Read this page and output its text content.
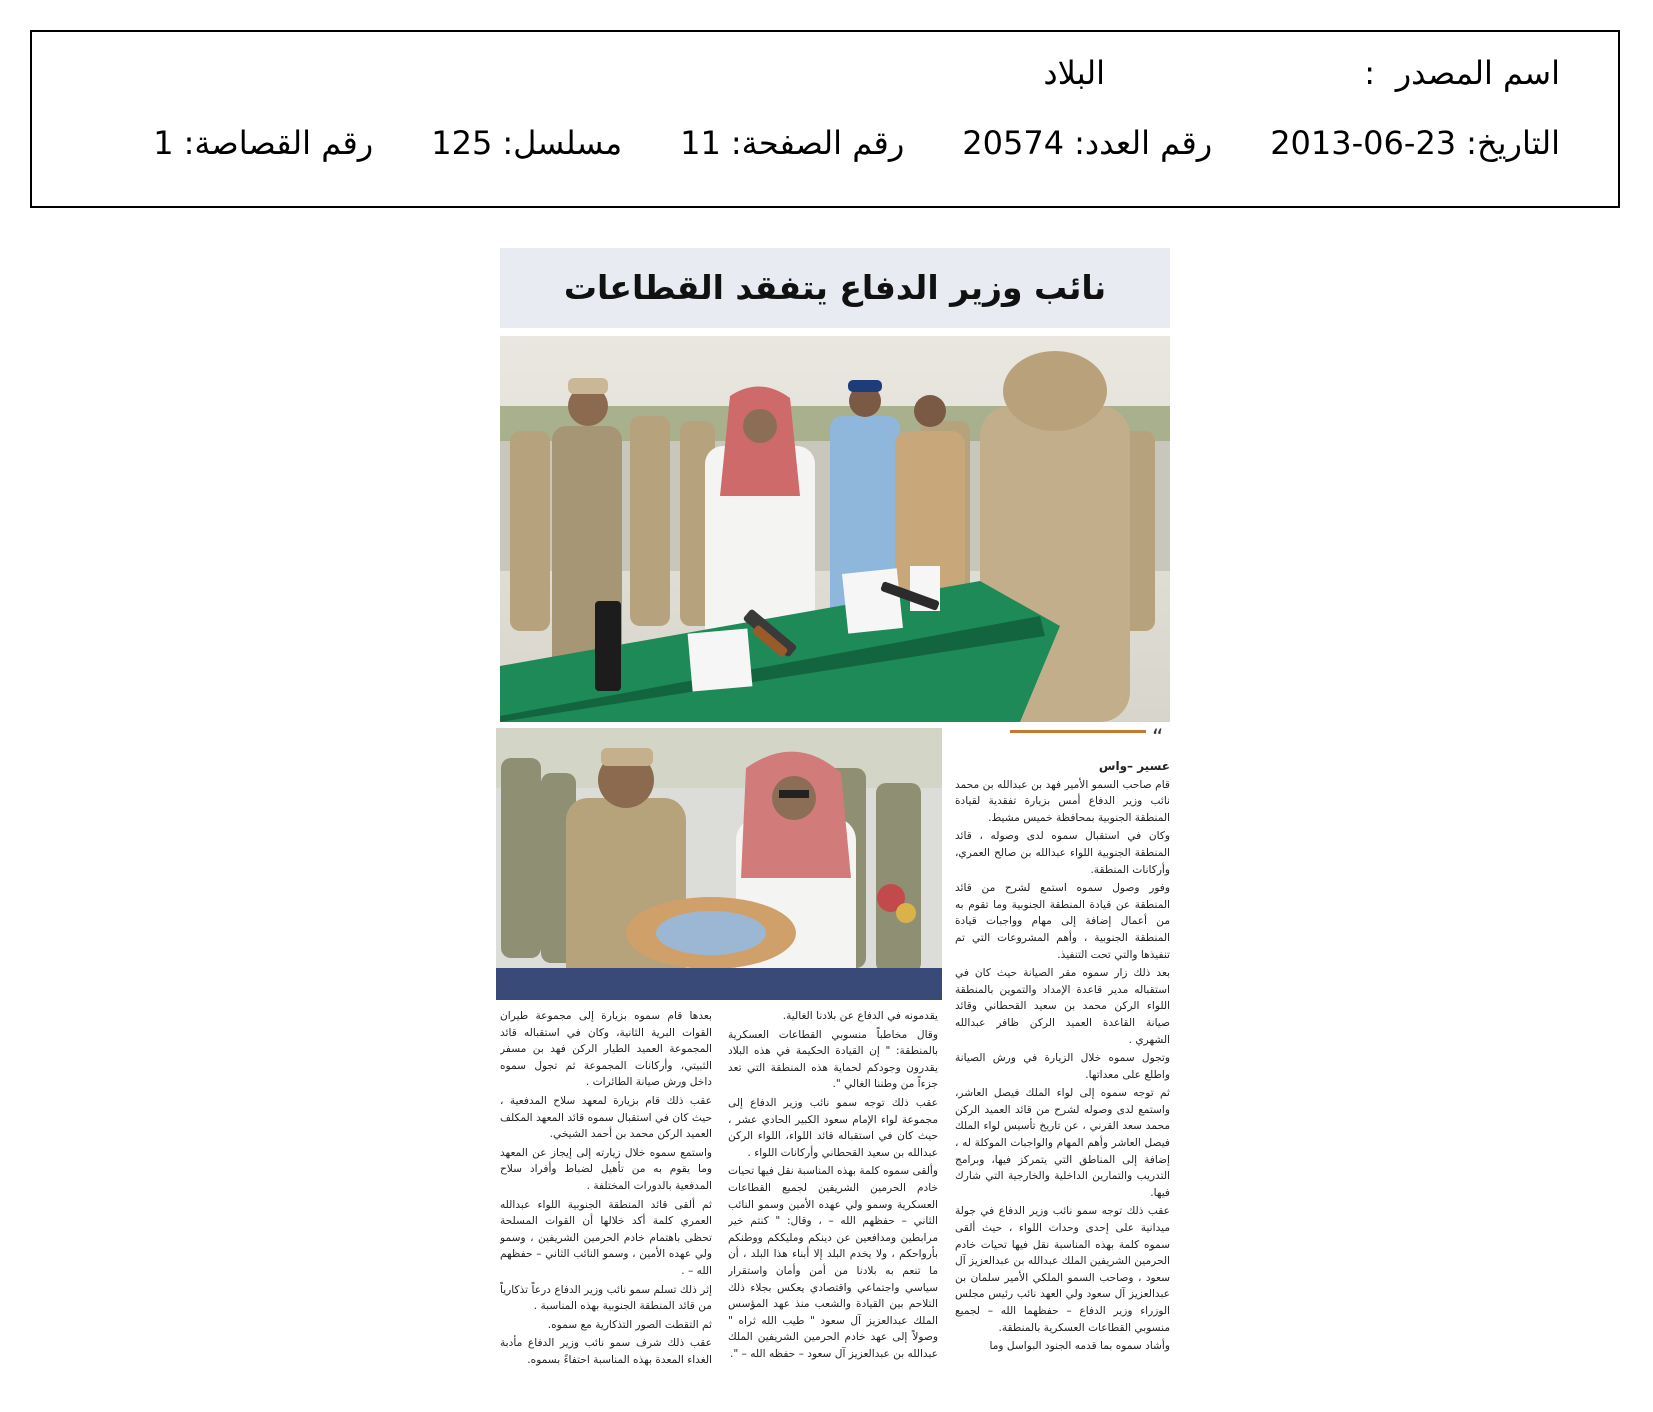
اسم المصدر
:
البلاد
التاريخ:
2013-06-23
رقم العدد:
20574
رقم الصفحة:
11
مسلسل:
125
رقم القصاصة:
1
نائب وزير الدفاع يتفقد القطاعات
“

عسير –واس

قام صاحب السمو الأمير فهد بن عبدالله بن محمد نائب وزير الدفاع أمس بزيارة تفقدية لقيادة المنطقة الجنوبية بمحافظة خميس مشيط.

وكان في استقبال سموه لدى وصوله ، قائد المنطقة الجنوبية اللواء عبدالله بن صالح العمري، وأركانات المنطقة.

وفور وصول سموه استمع لشرح من قائد المنطقة عن قيادة المنطقة الجنوبية وما تقوم به من أعمال إضافة إلى مهام وواجبات قيادة المنطقة الجنوبية ، وأهم المشروعات التي تم تنفيذها والتي تحت التنفيذ.

بعد ذلك زار سموه مقر الصيانة حيث كان في استقباله مدير قاعدة الإمداد والتموين بالمنطقة اللواء الركن محمد بن سعيد القحطاني وقائد صيانة القاعدة العميد الركن ظافر عبدالله الشهري .

وتجول سموه خلال الزيارة في ورش الصيانة واطلع على معداتها.

ثم توجه سموه إلى لواء الملك فيصل العاشر، واستمع لدى وصوله لشرح من قائد العميد الركن محمد سعد القرني ، عن تاريخ تأسيس لواء الملك فيصل العاشر وأهم المهام والواجبات الموكلة له ، إضافة إلى المناطق التي يتمركز فيها، وبرامج التدريب والتمارين الداخلية والخارجية التي شارك فيها.

عقب ذلك توجه سمو نائب وزير الدفاع في جولة ميدانية على إحدى وحدات اللواء ، حيث ألقى سموه كلمة بهذه المناسبة نقل فيها تحيات خادم الحرمين الشريفين الملك عبدالله بن عبدالعزيز آل سعود ، وصاحب السمو الملكي الأمير سلمان بن عبدالعزيز آل سعود ولي العهد نائب رئيس مجلس الوزراء وزير الدفاع – حفظهما الله – لجميع منسوبي القطاعات العسكرية بالمنطقة.

وأشاد سموه بما قدمه الجنود البواسل وما

يقدمونه في الدفاع عن بلادنا الغالية.

وقال مخاطباً منسوبي القطاعات العسكرية بالمنطقة: " إن القيادة الحكيمة في هذه البلاد يقدرون وجودكم لحماية هذه المنطقة التي تعد جزءاً من وطننا الغالي ".

عقب ذلك توجه سمو نائب وزير الدفاع إلى مجموعة لواء الإمام سعود الكبير الحادي عشر ، حيث كان في استقباله قائد اللواء، اللواء الركن عبدالله بن سعيد القحطاني وأركانات اللواء .

وألقى سموه كلمة بهذه المناسبة نقل فيها تحيات خادم الحرمين الشريفين لجميع القطاعات العسكرية وسمو ولي عهده الأمين وسمو النائب الثاني – حفظهم الله – ، وقال: " كنتم خير مرابطين ومدافعين عن دينكم ومليككم ووطنكم بأرواحكم ، ولا يخدم البلد إلا أبناء هذا البلد ، أن ما تنعم به بلادنا من أمن وأمان واستقرار سياسي واجتماعي واقتصادي يعكس بجلاء ذلك التلاحم بين القيادة والشعب منذ عهد المؤسس الملك عبدالعزيز آل سعود " طيب الله ثراه " وصولاً إلى عهد خادم الحرمين الشريفين الملك عبدالله بن عبدالعزيز آل سعود – حفظه الله – ".

بعدها قام سموه بزيارة إلى مجموعة طيران القوات البرية الثانية، وكان في استقباله قائد المجموعة العميد الطيار الركن فهد بن مسفر الثبيتي، وأركانات المجموعة ثم تجول سموه داخل ورش صيانة الطائرات .

عقب ذلك قام بزيارة لمعهد سلاح المدفعية ، حيث كان في استقبال سموه قائد المعهد المكلف العميد الركن محمد بن أحمد الشيخي.

واستمع سموه خلال زيارته إلى إيجاز عن المعهد وما يقوم به من تأهيل لضباط وأفراد سلاح المدفعية بالدورات المختلفة .

ثم ألقى قائد المنطقة الجنوبية اللواء عبدالله العمري كلمة أكد خلالها أن القوات المسلحة تحظى باهتمام خادم الحرمين الشريفين ، وسمو ولي عهده الأمين ، وسمو النائب الثاني – حفظهم الله – .

إثر ذلك تسلم سمو نائب وزير الدفاع درعاً تذكارياً من قائد المنطقة الجنوبية بهذه المناسبة .

ثم التقطت الصور التذكارية مع سموه.

عقب ذلك شرف سمو نائب وزير الدفاع مأدبة الغداء المعدة بهذه المناسبة احتفاءً بسموه.
